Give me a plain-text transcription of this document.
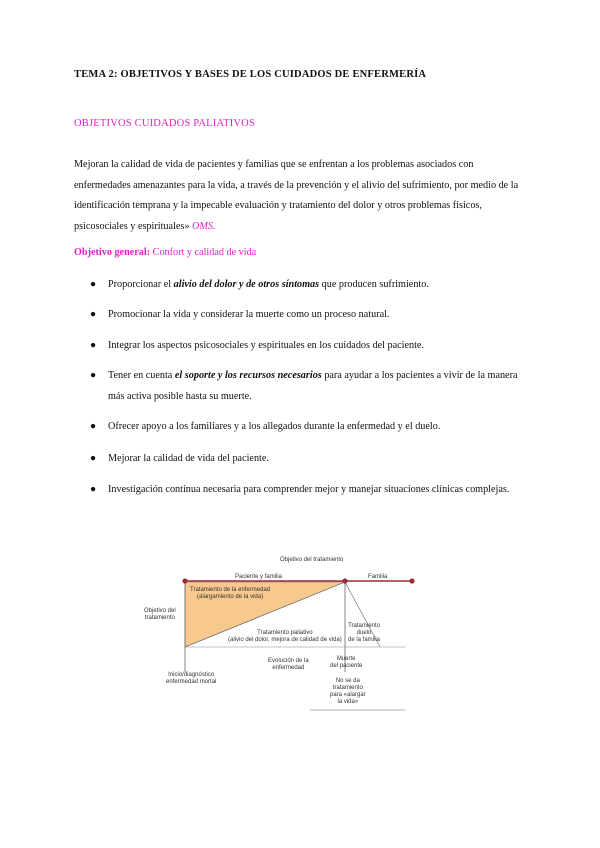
TEMA 2: OBJETIVOS Y BASES DE LOS CUIDADOS DE ENFERMERÍA
OBJETIVOS CUIDADOS PALIATIVOS
Mejoran la calidad de vida de pacientes y familias que se enfrentan a los problemas asociados con enfermedades amenazantes para la vida, a través de la prevención y el alivio del sufrimiento, por medio de la identificación temprana y la impecable evaluación y tratamiento del dolor y otros problemas físicos, psicosociales y espirituales» OMS.
Objetivo general: Confort y calidad de vida
●	Proporcionar el alivio del dolor y de otros síntomas que producen sufrimiento.
●	Promocionar la vida y considerar la muerte como un proceso natural.
●	Integrar los aspectos psicosociales y espirituales en los cuidados del paciente.
●	Tener en cuenta el soporte y los recursos necesarios para ayudar a los pacientes a vivir de la manera más activa posible hasta su muerte.
●	Ofrecer apoyo a los familiares y a los allegados durante la enfermedad y el duelo.
●	Mejorar la calidad de vida del paciente.
●	Investigación continua necesaria para comprender mejor y manejar situaciones clínicas complejas.
Objetivo del tratamiento
Paciente y familia	Familia
Objetivo del
tratamiento
Tratamiento de la enfermedad
(alargamiento de la vida)
Tratamiento paliativo
(alivio del dolor, mejora de calidad de vida)
Tratamiento
duelo
de la familia
Inicio/diagnóstico
enfermedad mortal
Evolución de la
enfermedad
Muerte
del paciente
No se da
tratamiento
para «alargar
la vida»
